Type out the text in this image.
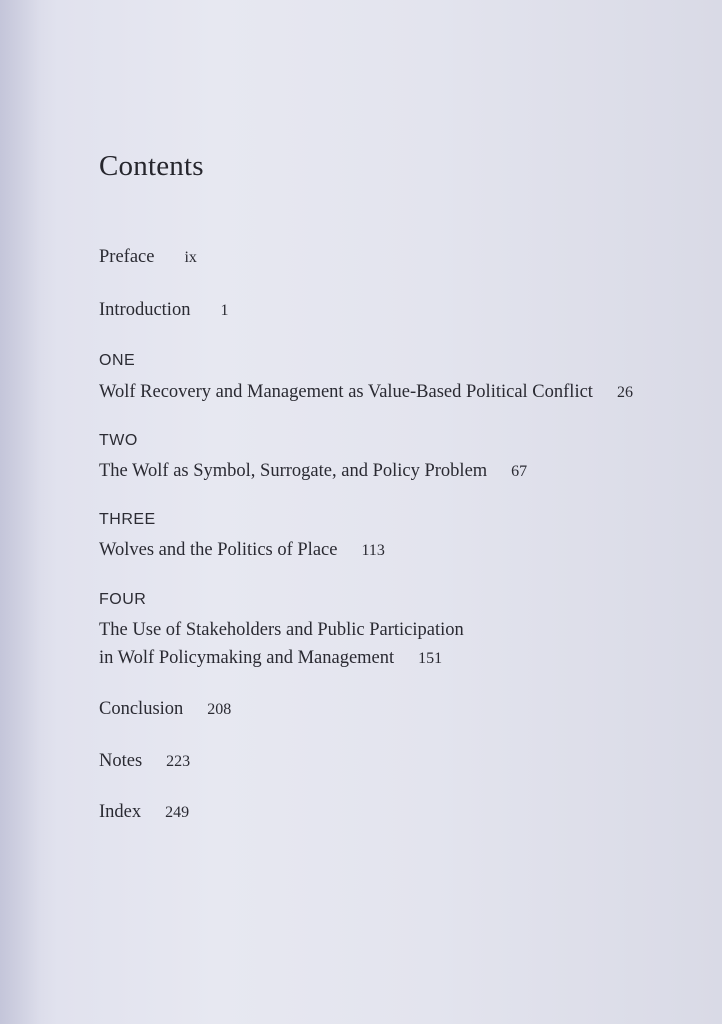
Contents
Preface ix
Introduction 1
ONE
Wolf Recovery and Management as Value-Based Political Conflict 26
TWO
The Wolf as Symbol, Surrogate, and Policy Problem 67
THREE
Wolves and the Politics of Place 113
FOUR
The Use of Stakeholders and Public Participation
in Wolf Policymaking and Management 151
Conclusion 208
Notes 223
Index 249
